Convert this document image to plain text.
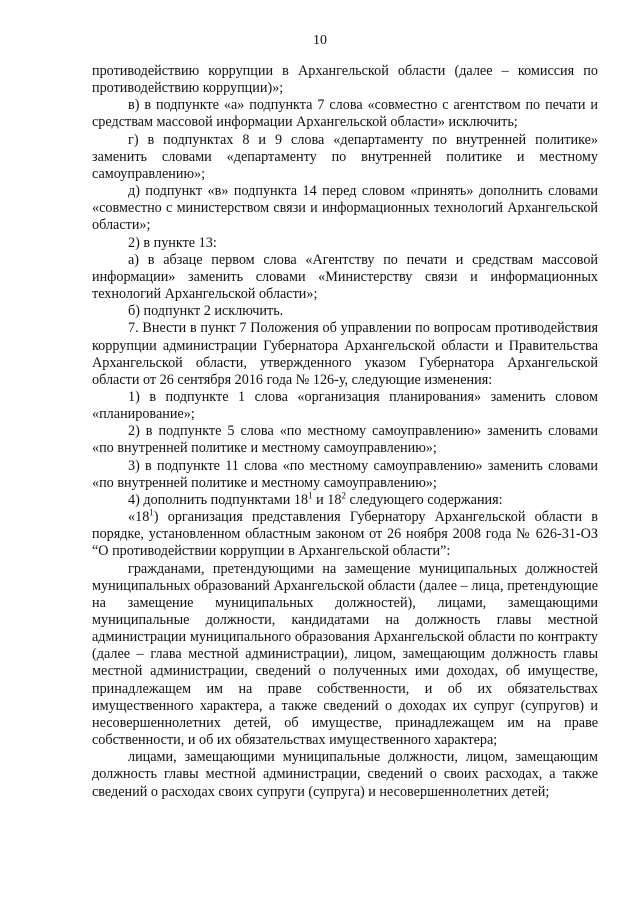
10

противодействию коррупции в Архангельской области (далее – комиссия по противодействию коррупции)»;

в) в подпункте «а» подпункта 7 слова «совместно с агентством по печати и средствам массовой информации Архангельской области» исключить;

г) в подпунктах 8 и 9 слова «департаменту по внутренней политике» заменить словами «департаменту по внутренней политике и местному самоуправлению»;

д) подпункт «в» подпункта 14 перед словом «принять» дополнить словами «совместно с министерством связи и информационных технологий Архангельской области»;

2) в пункте 13:

а) в абзаце первом слова «Агентству по печати и средствам массовой информации» заменить словами «Министерству связи и информационных технологий Архангельской области»;

б) подпункт 2 исключить.

7. Внести в пункт 7 Положения об управлении по вопросам противодействия коррупции администрации Губернатора Архангельской области и Правительства Архангельской области, утвержденного указом Губернатора Архангельской области от 26 сентября 2016 года № 126-у, следующие изменения:

1) в подпункте 1 слова «организация планирования» заменить словом «планирование»;

2) в подпункте 5 слова «по местному самоуправлению» заменить словами «по внутренней политике и местному самоуправлению»;

3) в подпункте 11 слова «по местному самоуправлению» заменить словами «по внутренней политике и местному самоуправлению»;

4) дополнить подпунктами $18^1$ и $18^2$ следующего содержания:

«$18^1$) организация представления Губернатору Архангельской области в порядке, установленном областным законом от 26 ноября 2008 года № 626-31-ОЗ “О противодействии коррупции в Архангельской области”:

гражданами, претендующими на замещение муниципальных должностей муниципальных образований Архангельской области (далее – лица, претендующие на замещение муниципальных должностей), лицами, замещающими муниципальные должности, кандидатами на должность главы местной администрации муниципального образования Архангельской области по контракту (далее – глава местной администрации), лицом, замещающим должность главы местной администрации, сведений о полученных ими доходах, об имуществе, принадлежащем им на праве собственности, и об их обязательствах имущественного характера, а также сведений о доходах их супруг (супругов) и несовершеннолетних детей, об имуществе, принадлежащем им на праве собственности, и об их обязательствах имущественного характера;

лицами, замещающими муниципальные должности, лицом, замещающим должность главы местной администрации, сведений о своих расходах, а также сведений о расходах своих супруги (супруга) и несовершеннолетних детей;
